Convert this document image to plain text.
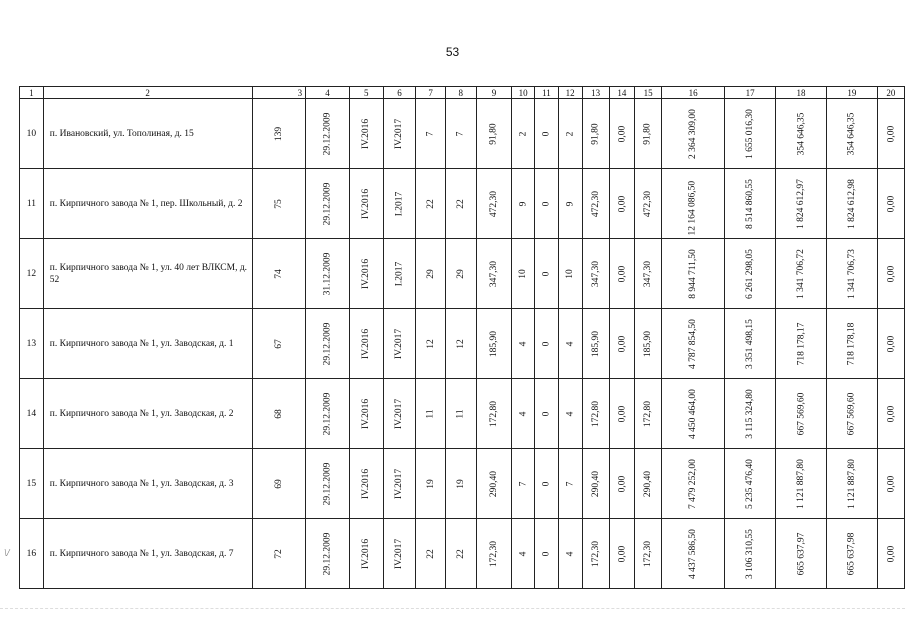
53
\/
1	2	3	4	5	6	7	8	9	10	11	12	13	14	15	16	17	18	19	20
10	п. Ивановский, ул. Тополиная, д. 15	139	29.12.2009	IV.2016	IV.2017	7	7	91,80	2	0	2	91,80	0,00	91,80	2 364 309,00	1 655 016,30	354 646,35	354 646,35	0,00
11	п. Кирпичного завода № 1, пер. Школьный, д. 2	75	29.12.2009	IV.2016	I.2017	22	22	472,30	9	0	9	472,30	0,00	472,30	12 164 086,50	8 514 860,55	1 824 612,97	1 824 612,98	0,00
12	п. Кирпичного завода № 1, ул. 40 лет ВЛКСМ, д. 52	74	31.12.2009	IV.2016	I.2017	29	29	347,30	10	0	10	347,30	0,00	347,30	8 944 711,50	6 261 298,05	1 341 706,72	1 341 706,73	0,00
13	п. Кирпичного завода № 1, ул. Заводская, д. 1	67	29.12.2009	IV.2016	IV.2017	12	12	185,90	4	0	4	185,90	0,00	185,90	4 787 854,50	3 351 498,15	718 178,17	718 178,18	0,00
14	п. Кирпичного завода № 1, ул. Заводская, д. 2	68	29.12.2009	IV.2016	IV.2017	11	11	172,80	4	0	4	172,80	0,00	172,80	4 450 464,00	3 115 324,80	667 569,60	667 569,60	0,00
15	п. Кирпичного завода № 1, ул. Заводская, д. 3	69	29.12.2009	IV.2016	IV.2017	19	19	290,40	7	0	7	290,40	0,00	290,40	7 479 252,00	5 235 476,40	1 121 887,80	1 121 887,80	0,00
16	п. Кирпичного завода № 1, ул. Заводская, д. 7	72	29.12.2009	IV.2016	IV.2017	22	22	172,30	4	0	4	172,30	0,00	172,30	4 437 586,50	3 106 310,55	665 637,97	665 637,98	0,00
